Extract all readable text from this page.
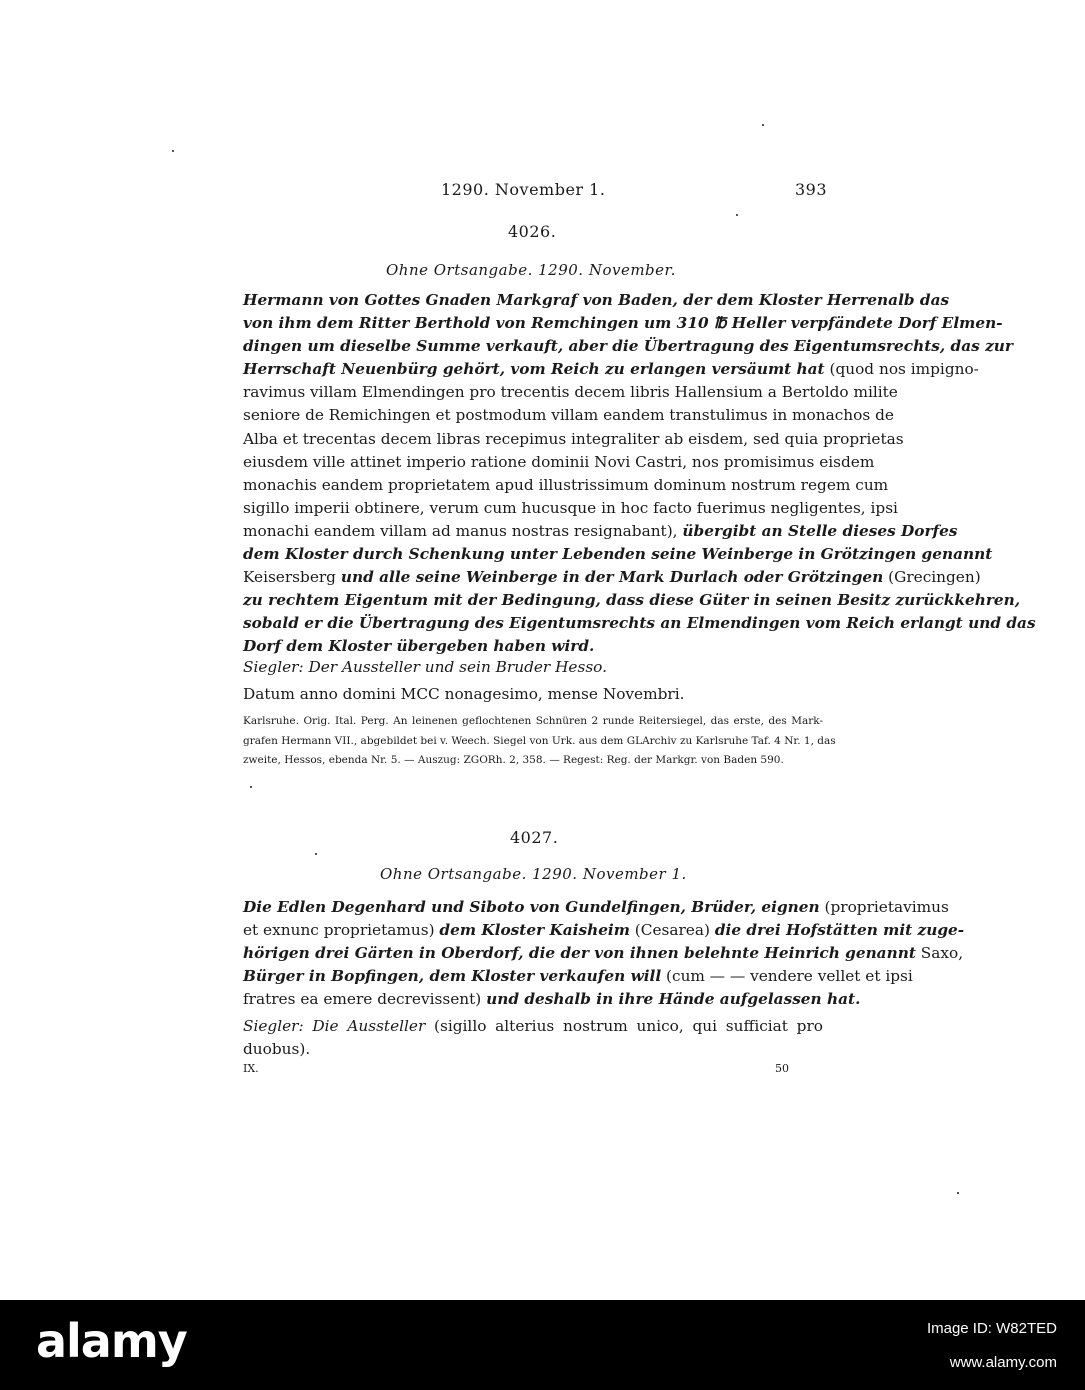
1290. November 1.	393
4026.
Ohne Ortsangabe. 1290. November.
Hermann von Gottes Gnaden Markgraf von Baden, der dem Kloster Herrenalb das
von ihm dem Ritter Berthold von Remchingen um 310 ℔ Heller verpfändete Dorf Elmen-
dingen um dieselbe Summe verkauft, aber die Übertragung des Eigentumsrechts, das zur
Herrschaft Neuenbürg gehört, vom Reich zu erlangen versäumt hat (quod nos impigno-
ravimus villam Elmendingen pro trecentis decem libris Hallensium a Bertoldo milite
seniore de Remichingen et postmodum villam eandem transtulimus in monachos de
Alba et trecentas decem libras recepimus integraliter ab eisdem, sed quia proprietas
eiusdem ville attinet imperio ratione dominii Novi Castri, nos promisimus eisdem
monachis eandem proprietatem apud illustrissimum dominum nostrum regem cum
sigillo imperii obtinere, verum cum hucusque in hoc facto fuerimus negligentes, ipsi
monachi eandem villam ad manus nostras resignabant), übergibt an Stelle dieses Dorfes
dem Kloster durch Schenkung unter Lebenden seine Weinberge in Grötzingen genannt
Keisersberg und alle seine Weinberge in der Mark Durlach oder Grötzingen (Grecingen)
zu rechtem Eigentum mit der Bedingung, dass diese Güter in seinen Besitz zurückkehren,
sobald er die Übertragung des Eigentumsrechts an Elmendingen vom Reich erlangt und das
Dorf dem Kloster übergeben haben wird.
Siegler: Der Aussteller und sein Bruder Hesso.
Datum anno domini MCC nonagesimo, mense Novembri.
Karlsruhe. Orig. Ital. Perg. An leinenen geflochtenen Schnüren 2 runde Reitersiegel, das erste, des Mark-
grafen Hermann VII., abgebildet bei v. Weech. Siegel von Urk. aus dem GLArchiv zu Karlsruhe Taf. 4 Nr. 1, das
zweite, Hessos, ebenda Nr. 5. — Auszug: ZGORh. 2, 358. — Regest: Reg. der Markgr. von Baden 590.
4027.
Ohne Ortsangabe. 1290. November 1.
Die Edlen Degenhard und Siboto von Gundelfingen, Brüder, eignen (proprietavimus
et exnunc proprietamus) dem Kloster Kaisheim (Cesarea) die drei Hofstätten mit zuge-
hörigen drei Gärten in Oberdorf, die der von ihnen belehnte Heinrich genannt Saxo,
Bürger in Bopfingen, dem Kloster verkaufen will (cum — — vendere vellet et ipsi
fratres ea emere decrevissent) und deshalb in ihre Hände aufgelassen hat.
Siegler: Die Aussteller (sigillo alterius nostrum unico, qui sufficiat pro
duobus).
IX.	50
alamy	Image ID: W82TED
www.alamy.com
